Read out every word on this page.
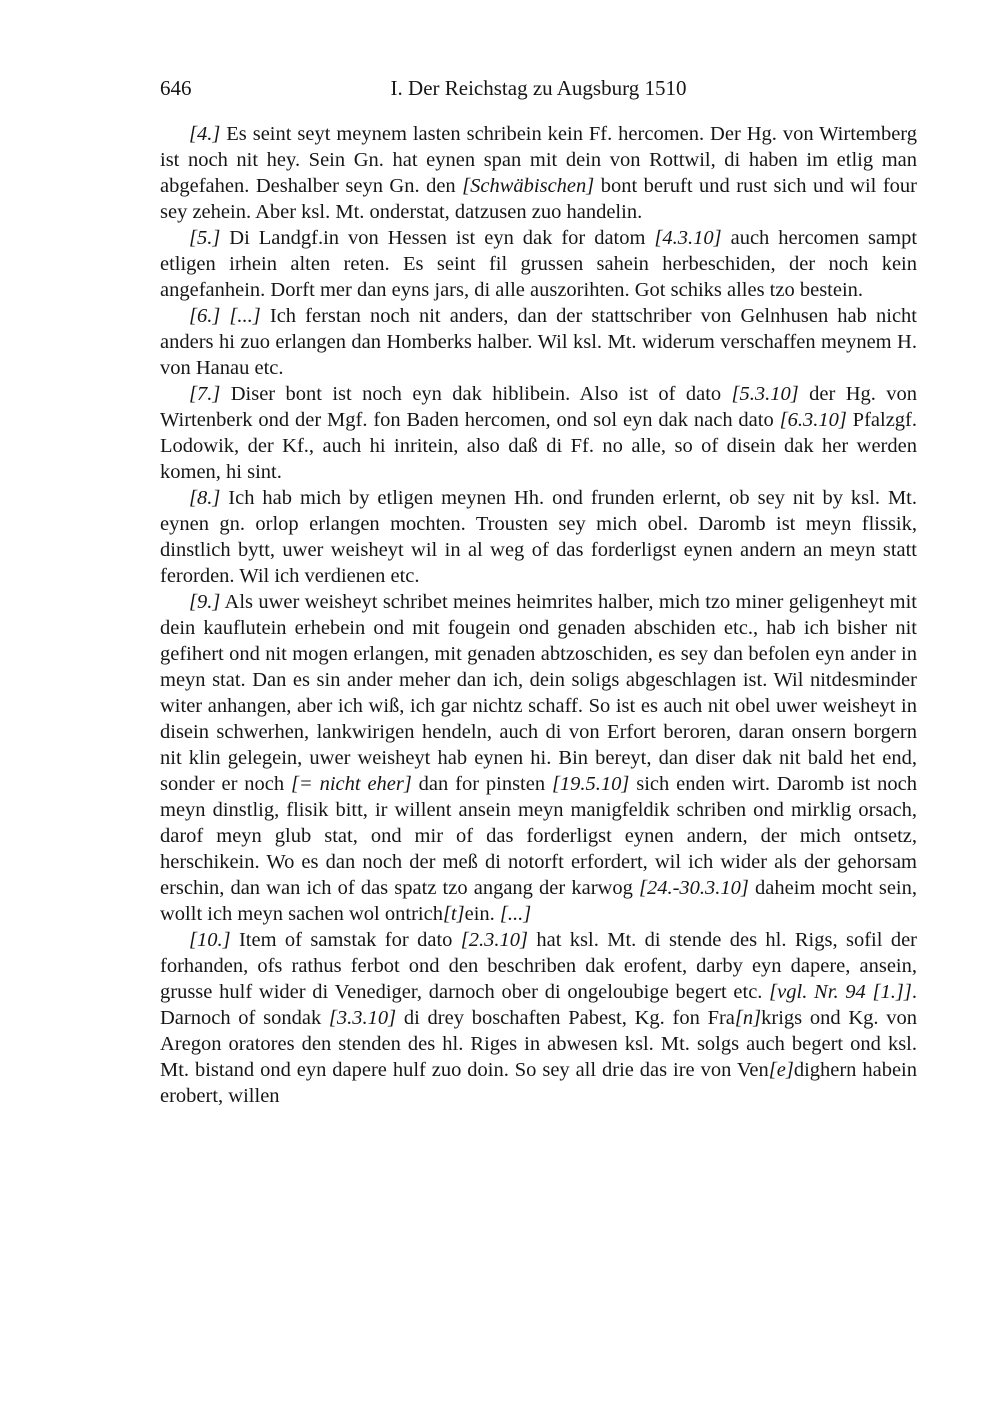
646	I. Der Reichstag zu Augsburg 1510

[4.] Es seint seyt meynem lasten schribein kein Ff. hercomen. Der Hg. von Wirtemberg ist noch nit hey. Sein Gn. hat eynen span mit dein von Rottwil, di haben im etlig man abgefahen. Deshalber seyn Gn. den [Schwäbischen] bont beruft und rust sich und wil four sey zehein. Aber ksl. Mt. onderstat, datzusen zuo handelin.

[5.] Di Landgf.in von Hessen ist eyn dak for datom [4.3.10] auch hercomen sampt etligen irhein alten reten. Es seint fil grussen sahein herbeschiden, der noch kein angefanhein. Dorft mer dan eyns jars, di alle auszorihten. Got schiks alles tzo bestein.

[6.] [...] Ich ferstan noch nit anders, dan der stattschriber von Gelnhusen hab nicht anders hi zuo erlangen dan Homberks halber. Wil ksl. Mt. widerum verschaffen meynem H. von Hanau etc.

[7.] Diser bont ist noch eyn dak hiblibein. Also ist of dato [5.3.10] der Hg. von Wirtenberk ond der Mgf. fon Baden hercomen, ond sol eyn dak nach dato [6.3.10] Pfalzgf. Lodowik, der Kf., auch hi inritein, also daß di Ff. no alle, so of disein dak her werden komen, hi sint.

[8.] Ich hab mich by etligen meynen Hh. ond frunden erlernt, ob sey nit by ksl. Mt. eynen gn. orlop erlangen mochten. Trousten sey mich obel. Daromb ist meyn flissik, dinstlich bytt, uwer weisheyt wil in al weg of das forderligst eynen andern an meyn statt ferorden. Wil ich verdienen etc.

[9.] Als uwer weisheyt schribet meines heimrites halber, mich tzo miner geligenheyt mit dein kauflutein erhebein ond mit fougein ond genaden abschiden etc., hab ich bisher nit gefihert ond nit mogen erlangen, mit genaden abtzoschiden, es sey dan befolen eyn ander in meyn stat. Dan es sin ander meher dan ich, dein soligs abgeschlagen ist. Wil nitdesminder witer anhangen, aber ich wiß, ich gar nichtz schaff. So ist es auch nit obel uwer weisheyt in disein schwerhen, lankwirigen hendeln, auch di von Erfort beroren, daran onsern borgern nit klin gelegein, uwer weisheyt hab eynen hi. Bin bereyt, dan diser dak nit bald het end, sonder er noch [= nicht eher] dan for pinsten [19.5.10] sich enden wirt. Daromb ist noch meyn dinstlig, flisik bitt, ir willent ansein meyn manigfeldik schriben ond mirklig orsach, darof meyn glub stat, ond mir of das forderligst eynen andern, der mich ontsetz, herschikein. Wo es dan noch der meß di notorft erfordert, wil ich wider als der gehorsam erschin, dan wan ich of das spatz tzo angang der karwog [24.-30.3.10] daheim mocht sein, wollt ich meyn sachen wol ontrich[t]ein. [...]

[10.] Item of samstak for dato [2.3.10] hat ksl. Mt. di stende des hl. Rigs, sofil der forhanden, ofs rathus ferbot ond den beschriben dak erofent, darby eyn dapere, ansein, grusse hulf wider di Venediger, darnoch ober di ongeloubige begert etc. [vgl. Nr. 94 [1.]]. Darnoch of sondak [3.3.10] di drey boschaften Pabest, Kg. fon Fra[n]krigs ond Kg. von Aregon oratores den stenden des hl. Riges in abwesen ksl. Mt. solgs auch begert ond ksl. Mt. bistand ond eyn dapere hulf zuo doin. So sey all drie das ire von Ven[e]dighern habein erobert, willen
